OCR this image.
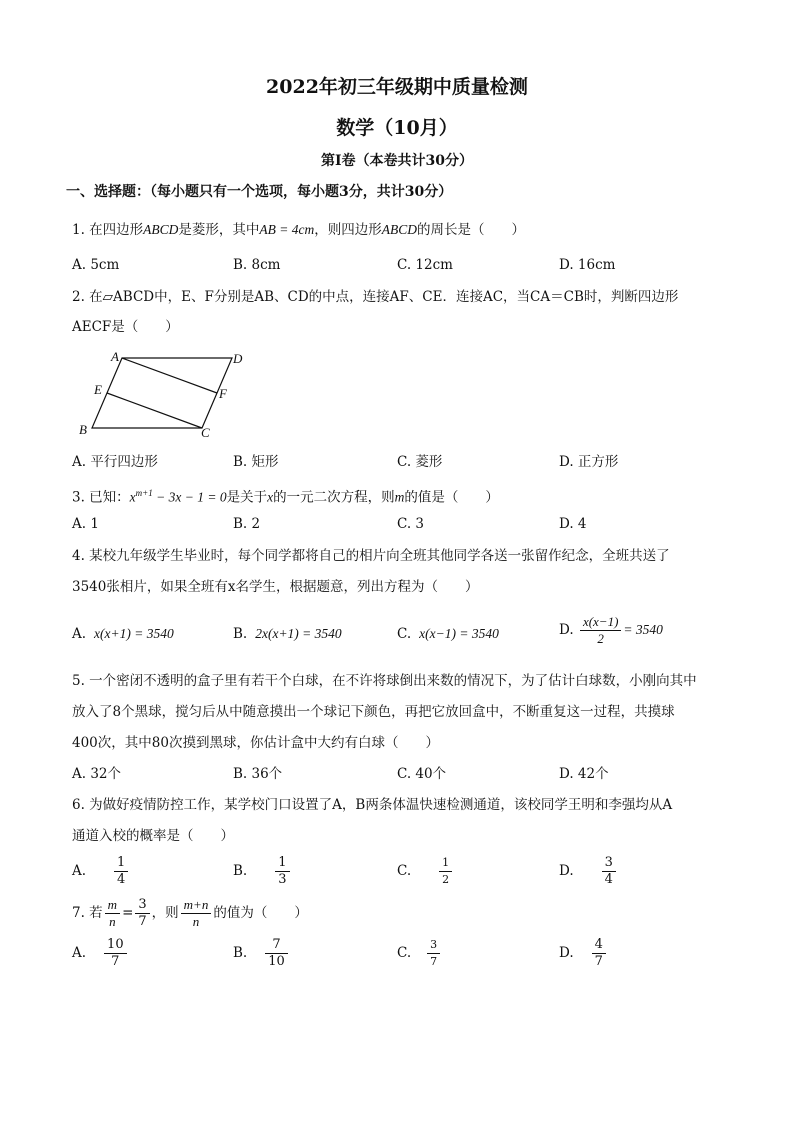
2022年初三年级期中质量检测
数学（10月）
第Ⅰ卷（本卷共计30分）
一、选择题：（每小题只有一个选项，每小题3分，共计30分）
1. 在四边形ABCD是菱形，其中AB = 4cm，则四边形ABCD的周长是（　　）
A. 5cm	B. 8cm	C. 12cm	D. 16cm
2. 在▱ABCD中，E、F分别是AB、CD的中点，连接AF、CE．连接AC，当CA＝CB时，判断四边形
AECF是（　　）
A	D
E	F
B	C
A. 平行四边形	B. 矩形	C. 菱形	D. 正方形
3. 已知：$x^{m+1} - 3x - 1 = 0$是关于x的一元二次方程，则m的值是（　　）
A. 1	B. 2	C. 3	D. 4
4. 某校九年级学生毕业时，每个同学都将自己的相片向全班其他同学各送一张留作纪念，全班共送了
3540张相片，如果全班有x名学生，根据题意，列出方程为（　　）
A. x(x+1) = 3540	B. 2x(x+1) = 3540	C. x(x−1) = 3540	D. $\frac{x(x-1)}{2} = 3540$
5. 一个密闭不透明的盒子里有若干个白球，在不许将球倒出来数的情况下，为了估计白球数，小刚向其中
放入了8个黑球，搅匀后从中随意摸出一个球记下颜色，再把它放回盒中，不断重复这一过程，共摸球
400次，其中80次摸到黑球，你估计盒中大约有白球（　　）
A. 32个	B. 36个	C. 40个	D. 42个
6. 为做好疫情防控工作，某学校门口设置了A，B两条体温快速检测通道，该校同学王明和李强均从A
通道入校的概率是（　　）
A. $\frac{1}{4}$	B. $\frac{1}{3}$	C.	$\frac{1}{2}$	D. $\frac{3}{4}$
7. 若 $\frac{m}{n} = \frac{3}{7}$ ，则 $\frac{m+n}{n}$ 的值为（　　）
A. $\frac{10}{7}$	B. $\frac{7}{10}$	C. $\frac{3}{7}$	D. $\frac{4}{7}$
